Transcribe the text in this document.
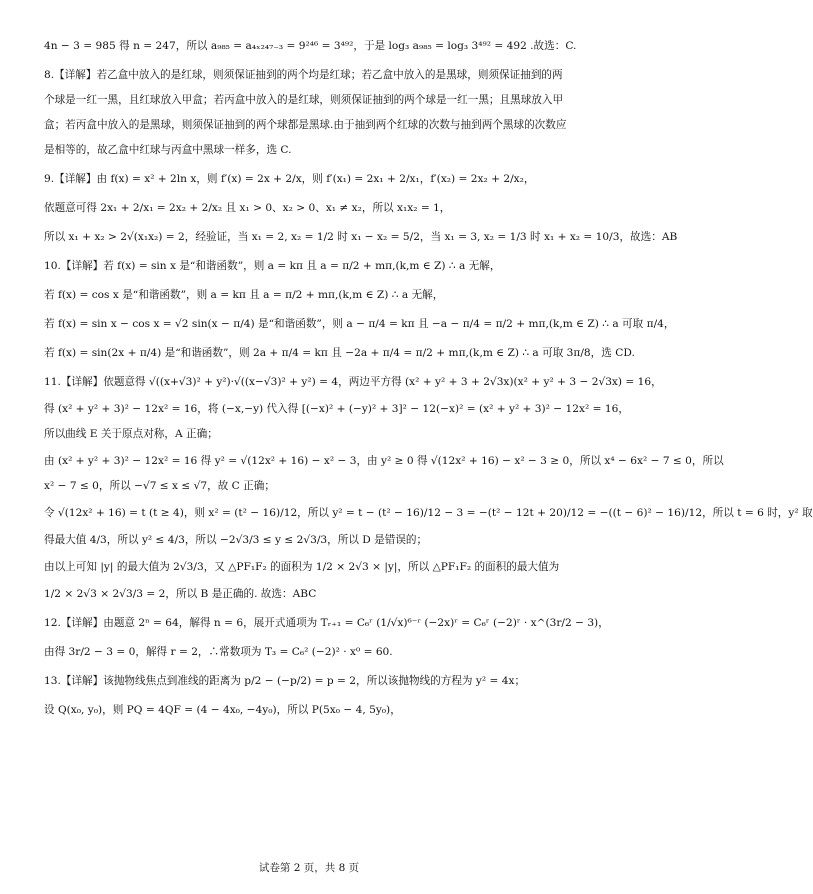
4n − 3 = 985 得 n = 247，所以 a₉₈₅ = a₄ₓ₂₄₇₋₃ = 9²⁴⁶ = 3⁴⁹²，于是 log₃ a₉₈₅ = log₃ 3⁴⁹² = 492 .故选：C.

8.【详解】若乙盒中放入的是红球，则须保证抽到的两个均是红球；若乙盒中放入的是黑球，则须保证抽到的两

个球是一红一黑，且红球放入甲盒；若丙盒中放入的是红球，则须保证抽到的两个球是一红一黑；且黑球放入甲

盒；若丙盒中放入的是黑球，则须保证抽到的两个球都是黑球.由于抽到两个红球的次数与抽到两个黑球的次数应

是相等的，故乙盒中红球与丙盒中黑球一样多，选 C.

9.【详解】由 f(x) = x² + 2ln x，则 f′(x) = 2x + 2/x，则 f′(x₁) = 2x₁ + 2/x₁，f′(x₂) = 2x₂ + 2/x₂，

依题意可得 2x₁ + 2/x₁ = 2x₂ + 2/x₂ 且 x₁ > 0、x₂ > 0、x₁ ≠ x₂，所以 x₁x₂ = 1，

所以 x₁ + x₂ > 2√(x₁x₂) = 2，经验证，当 x₁ = 2, x₂ = 1/2 时 x₁ − x₂ = 5/2，当 x₁ = 3, x₂ = 1/3 时 x₁ + x₂ = 10/3，故选：AB

10.【详解】若 f(x) = sin x 是“和谐函数”，则 a = kπ 且 a = π/2 + mπ,(k,m ∈ Z) ∴ a 无解，

若 f(x) = cos x 是“和谐函数”，则 a = kπ 且 a = π/2 + mπ,(k,m ∈ Z) ∴ a 无解，

若 f(x) = sin x − cos x = √2 sin(x − π/4) 是“和谐函数”，则 a − π/4 = kπ 且 −a − π/4 = π/2 + mπ,(k,m ∈ Z) ∴ a 可取 π/4，

若 f(x) = sin(2x + π/4) 是“和谐函数”，则 2a + π/4 = kπ 且 −2a + π/4 = π/2 + mπ,(k,m ∈ Z) ∴ a 可取 3π/8，选 CD.

11.【详解】依题意得 √((x+√3)² + y²)·√((x−√3)² + y²) = 4，两边平方得 (x² + y² + 3 + 2√3x)(x² + y² + 3 − 2√3x) = 16，

得 (x² + y² + 3)² − 12x² = 16，将 (−x,−y) 代入得 [(−x)² + (−y)² + 3]² − 12(−x)² = (x² + y² + 3)² − 12x² = 16，

所以曲线 E 关于原点对称，A 正确；

由 (x² + y² + 3)² − 12x² = 16 得 y² = √(12x² + 16) − x² − 3，由 y² ≥ 0 得 √(12x² + 16) − x² − 3 ≥ 0，所以 x⁴ − 6x² − 7 ≤ 0，所以

x² − 7 ≤ 0，所以 −√7 ≤ x ≤ √7，故 C 正确；

令 √(12x² + 16) = t (t ≥ 4)，则 x² = (t² − 16)/12，所以 y² = t − (t² − 16)/12 − 3 = −(t² − 12t + 20)/12 = −((t − 6)² − 16)/12，所以 t = 6 时，y² 取

得最大值 4/3，所以 y² ≤ 4/3，所以 −2√3/3 ≤ y ≤ 2√3/3，所以 D 是错误的；

由以上可知 |y| 的最大值为 2√3/3，又 △PF₁F₂ 的面积为 1/2 × 2√3 × |y|，所以 △PF₁F₂ 的面积的最大值为

1/2 × 2√3 × 2√3/3 = 2，所以 B 是正确的. 故选：ABC

12.【详解】由题意 2ⁿ = 64，解得 n = 6，展开式通项为 Tᵣ₊₁ = C₆ʳ (1/√x)⁶⁻ʳ (−2x)ʳ = C₆ʳ (−2)ʳ · x^(3r/2 − 3)，

由得 3r/2 − 3 = 0，解得 r = 2，∴常数项为 T₃ = C₆² (−2)² · x⁰ = 60.

13.【详解】该抛物线焦点到准线的距离为 p/2 − (−p/2) = p = 2，所以该抛物线的方程为 y² = 4x；

设 Q(x₀, y₀)，则 PQ = 4QF = (4 − 4x₀, −4y₀)，所以 P(5x₀ − 4, 5y₀)，

试卷第 2 页，共 8 页
